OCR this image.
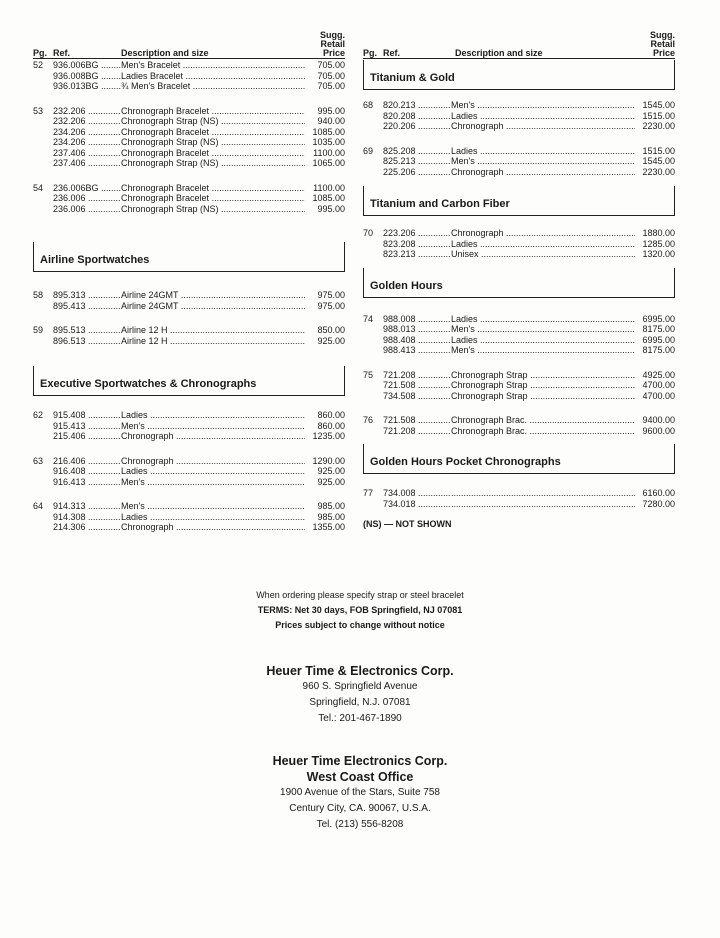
Pg. Ref.	Description and size
Sugg.
Retail
Price
52 936.006BG .....	Men's Bracelet .....	705.00
936.008BG .....	Ladies Bracelet .....	705.00
936.013BG .....	¾ Men's Bracelet .....	705.00
53 232.206 .....	Chronograph Bracelet .....	995.00
232.206 .....	Chronograph Strap (NS) .....	940.00
234.206 .....	Chronograph Bracelet .....	1085.00
234.206 .....	Chronograph Strap (NS) .....	1035.00
237.406 .....	Chronograph Bracelet .....	1100.00
237.406 .....	Chronograph Strap (NS) .....	1065.00
54 236.006BG .....	Chronograph Bracelet .....	1100.00
236.006 .....	Chronograph Bracelet .....	1085.00
236.006 .....	Chronograph Strap (NS) .....	995.00
Airline Sportwatches
58 895.313 .....	Airline 24GMT .....	975.00
895.413 .....	Airline 24GMT .....	975.00
59 895.513 .....	Airline 12 H .....	850.00
896.513 .....	Airline 12 H .....	925.00
Executive Sportwatches & Chronographs
62 915.408 .....	Ladies .....	860.00
915.413 .....	Men's .....	860.00
215.406 .....	Chronograph .....	1235.00
63 216.406 .....	Chronograph .....	1290.00
916.408 .....	Ladies .....	925.00
916.413 .....	Men's .....	925.00
64 914.313 .....	Men's .....	985.00
914.308 .....	Ladies .....	985.00
214.306 .....	Chronograph .....	1355.00
Pg. Ref.	Description and size
Sugg.
Retail
Price
Titanium & Gold
68 820.213 .....	Men's .....	1545.00
820.208 .....	Ladies .....	1515.00
220.206 .....	Chronograph .....	2230.00
69 825.208 .....	Ladies .....	1515.00
825.213 .....	Men's .....	1545.00
225.206 .....	Chronograph .....	2230.00
Titanium and Carbon Fiber
70 223.206 .....	Chronograph .....	1880.00
823.208 .....	Ladies .....	1285.00
823.213 .....	Unisex .....	1320.00
Golden Hours
74 988.008 .....	Ladies .....	6995.00
988.013 .....	Men's .....	8175.00
988.408 .....	Ladies .....	6995.00
988.413 .....	Men's .....	8175.00
75 721.208 .....	Chronograph Strap .....	4925.00
721.508 .....	Chronograph Strap .....	4700.00
734.508 .....	Chronograph Strap .....	4700.00
76 721.508 .....	Chronograph Brac. .....	9400.00
721.208 .....	Chronograph Brac. .....	9600.00
Golden Hours Pocket Chronographs
77 734.008 ..... .....	6160.00
734.018 ..... .....	7280.00
(NS) — NOT SHOWN
When ordering please specify strap or steel bracelet
TERMS: Net 30 days, FOB Springfield, NJ 07081
Prices subject to change without notice
Heuer Time & Electronics Corp.
960 S. Springfield Avenue
Springfield, N.J. 07081
Tel.: 201-467-1890
Heuer Time Electronics Corp.
West Coast Office
1900 Avenue of the Stars, Suite 758
Century City, CA. 90067, U.S.A.
Tel. (213) 556-8208
